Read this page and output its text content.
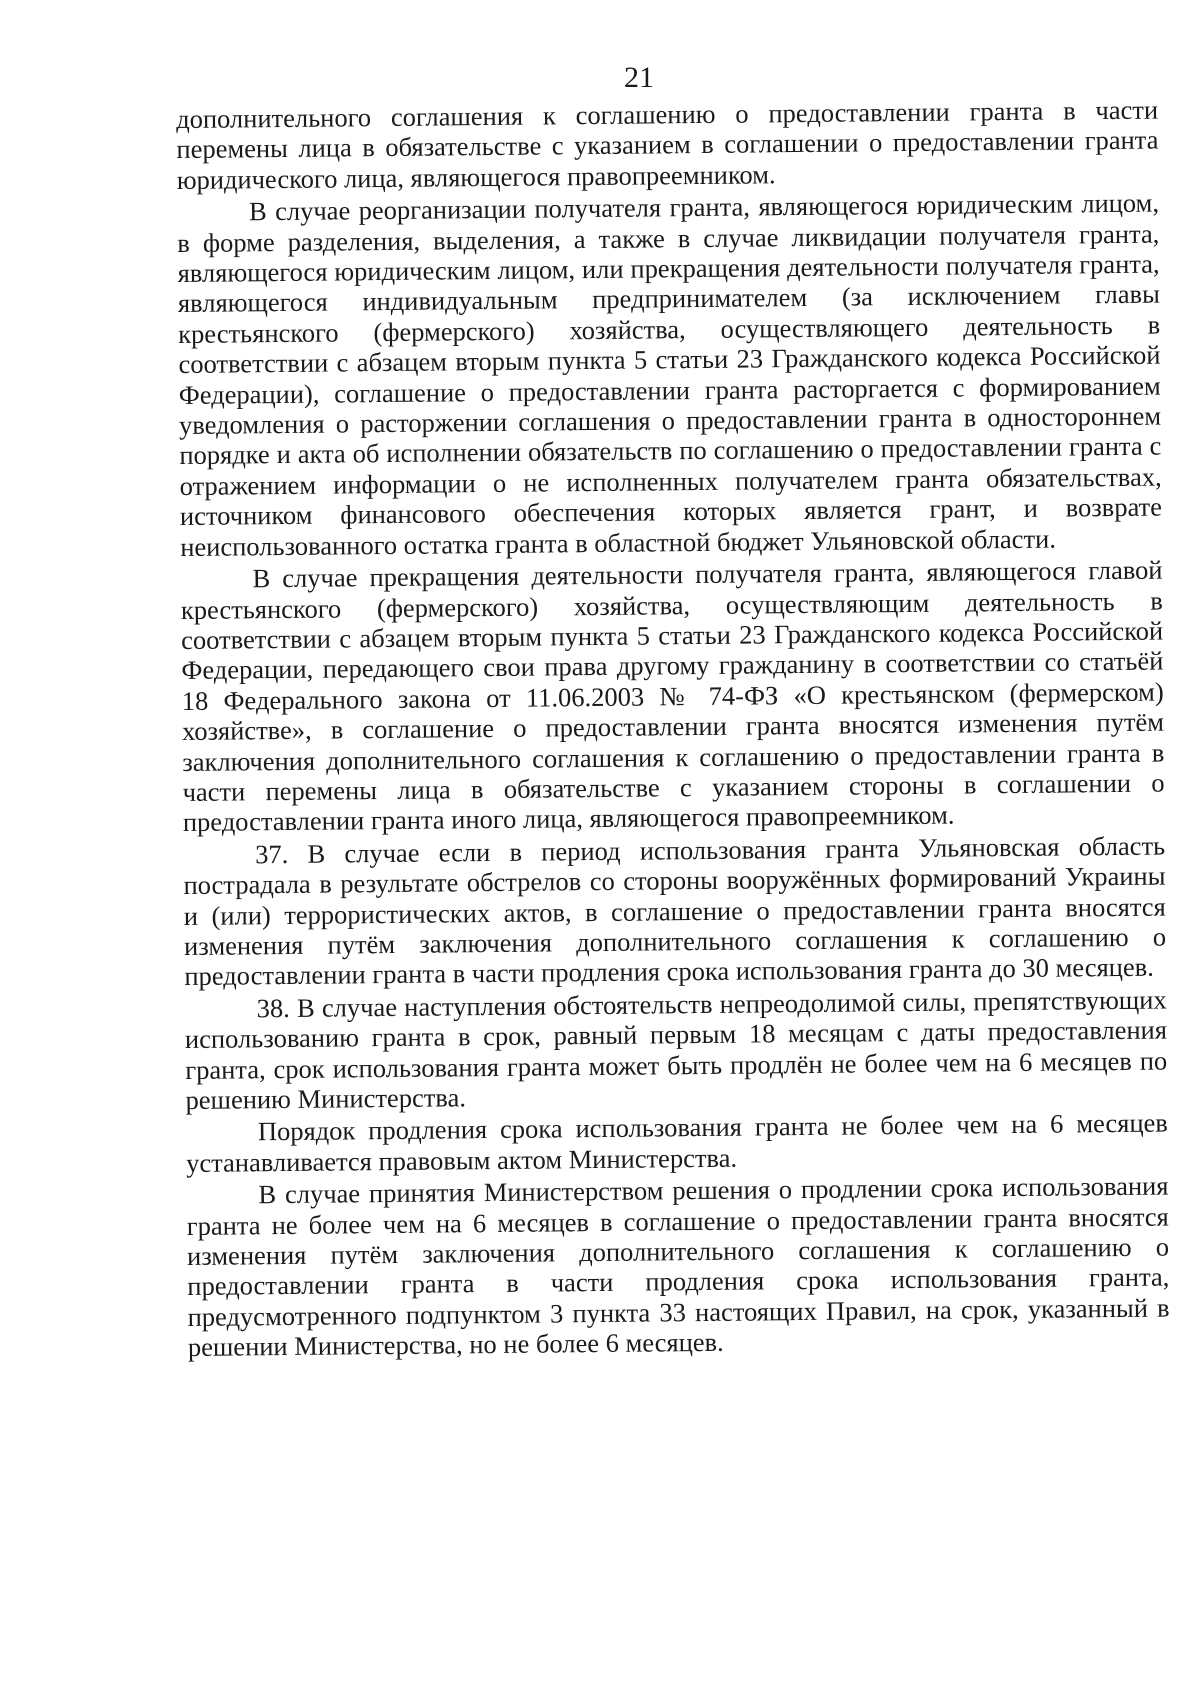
21

дополнительного соглашения к соглашению о предоставлении гранта в части перемены лица в обязательстве с указанием в соглашении о предоставлении гранта юридического лица, являющегося правопреемником.

В случае реорганизации получателя гранта, являющегося юридическим лицом, в форме разделения, выделения, а также в случае ликвидации получателя гранта, являющегося юридическим лицом, или прекращения деятельности получателя гранта, являющегося индивидуальным предпринимателем (за исключением главы крестьянского (фермерского) хозяйства, осуществляющего деятельность в соответствии с абзацем вторым пункта 5 статьи 23 Гражданского кодекса Российской Федерации), соглашение о предоставлении гранта расторгается с формированием уведомления о расторжении соглашения о предоставлении гранта в одностороннем порядке и акта об исполнении обязательств по соглашению о предоставлении гранта с отражением информации о не исполненных получателем гранта обязательствах, источником финансового обеспечения которых является грант, и возврате неиспользованного остатка гранта в областной бюджет Ульяновской области.

В случае прекращения деятельности получателя гранта, являющегося главой крестьянского (фермерского) хозяйства, осуществляющим деятельность в соответствии с абзацем вторым пункта 5 статьи 23 Гражданского кодекса Российской Федерации, передающего свои права другому гражданину в соответствии со статьёй 18 Федерального закона от 11.06.2003 № 74-ФЗ «О крестьянском (фермерском) хозяйстве», в соглашение о предоставлении гранта вносятся изменения путём заключения дополнительного соглашения к соглашению о предоставлении гранта в части перемены лица в обязательстве с указанием стороны в соглашении о предоставлении гранта иного лица, являющегося правопреемником.

37. В случае если в период использования гранта Ульяновская область пострадала в результате обстрелов со стороны вооружённых формирований Украины и (или) террористических актов, в соглашение о предоставлении гранта вносятся изменения путём заключения дополнительного соглашения к соглашению о предоставлении гранта в части продления срока использования гранта до 30 месяцев.

38. В случае наступления обстоятельств непреодолимой силы, препятствующих использованию гранта в срок, равный первым 18 месяцам с даты предоставления гранта, срок использования гранта может быть продлён не более чем на 6 месяцев по решению Министерства.

Порядок продления срока использования гранта не более чем на 6 месяцев устанавливается правовым актом Министерства.

В случае принятия Министерством решения о продлении срока использования гранта не более чем на 6 месяцев в соглашение о предоставлении гранта вносятся изменения путём заключения дополнительного соглашения к соглашению о предоставлении гранта в части продления срока использования гранта, предусмотренного подпунктом 3 пункта 33 настоящих Правил, на срок, указанный в решении Министерства, но не более 6 месяцев.
